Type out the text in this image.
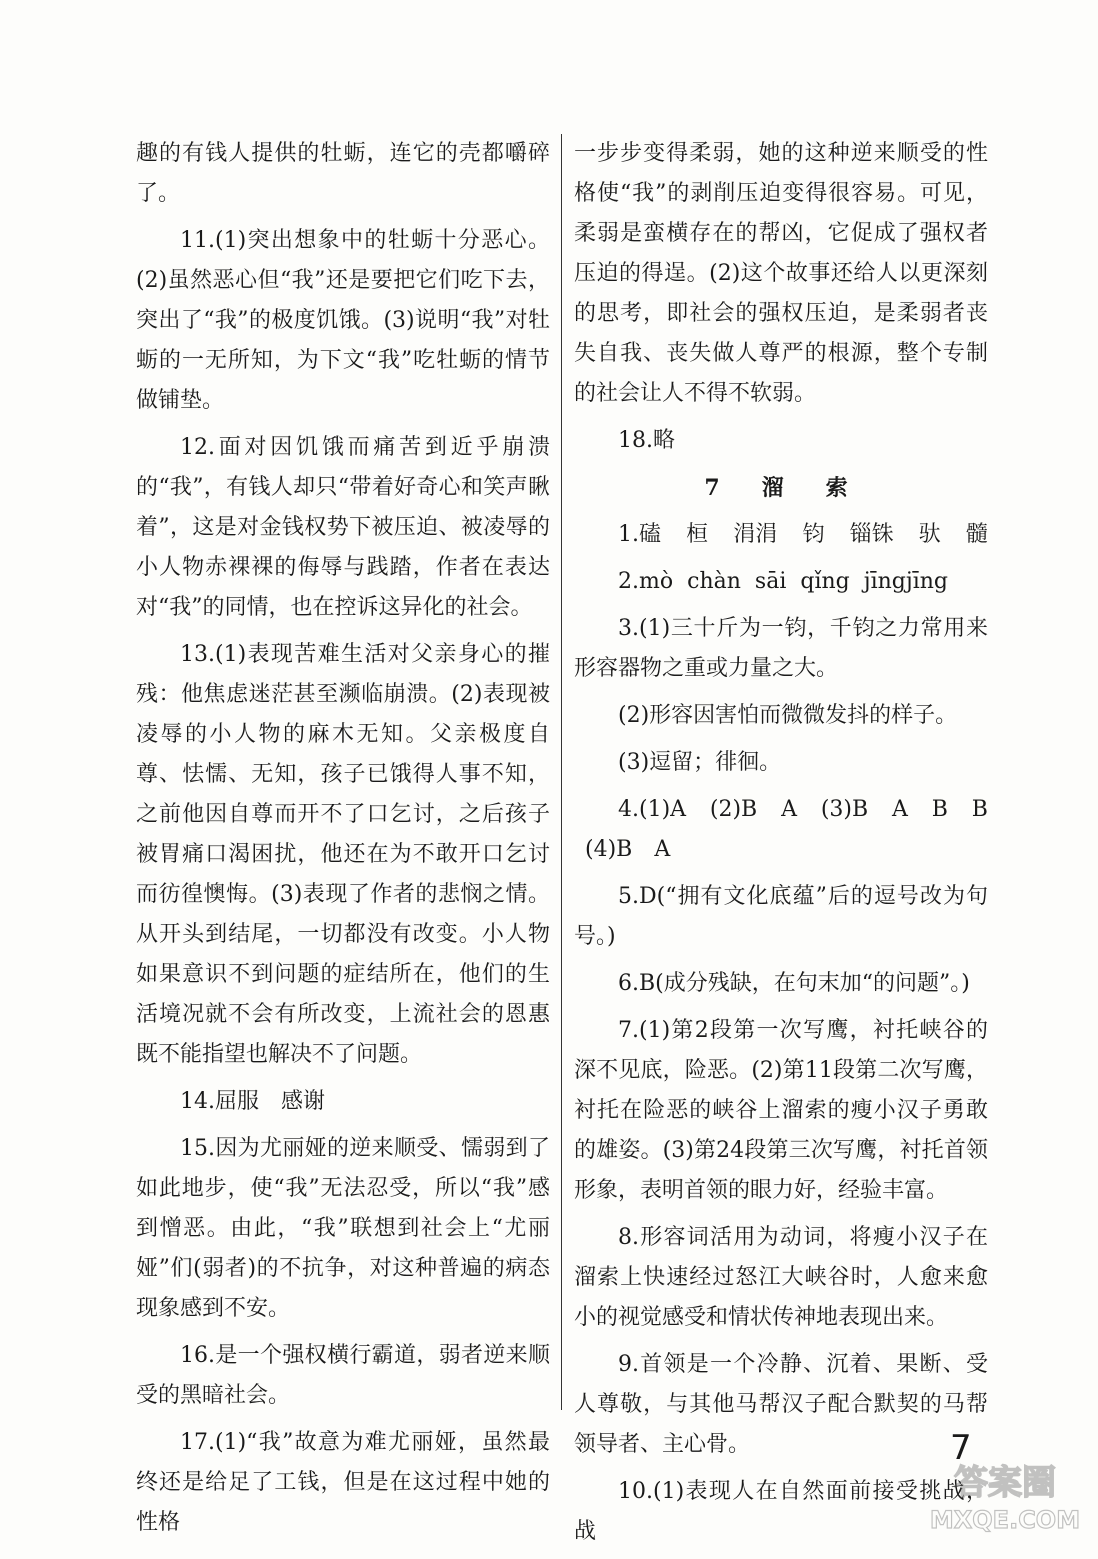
趣的有钱人提供的牡蛎，连它的壳都嚼碎了。

11.(1)突出想象中的牡蛎十分恶心。(2)虽然恶心但“我”还是要把它们吃下去，突出了“我”的极度饥饿。(3)说明“我”对牡蛎的一无所知，为下文“我”吃牡蛎的情节做铺垫。

12.面对因饥饿而痛苦到近乎崩溃的“我”，有钱人却只“带着好奇心和笑声瞅着”，这是对金钱权势下被压迫、被凌辱的小人物赤裸裸的侮辱与践踏，作者在表达对“我”的同情，也在控诉这异化的社会。

13.(1)表现苦难生活对父亲身心的摧残：他焦虑迷茫甚至濒临崩溃。(2)表现被凌辱的小人物的麻木无知。父亲极度自尊、怯懦、无知，孩子已饿得人事不知，之前他因自尊而开不了口乞讨，之后孩子被胃痛口渴困扰，他还在为不敢开口乞讨而彷徨懊悔。(3)表现了作者的悲悯之情。从开头到结尾，一切都没有改变。小人物如果意识不到问题的症结所在，他们的生活境况就不会有所改变，上流社会的恩惠既不能指望也解决不了问题。

14.屈服　感谢

15.因为尤丽娅的逆来顺受、懦弱到了如此地步，使“我”无法忍受，所以“我”感到憎恶。由此，“我”联想到社会上“尤丽娅”们(弱者)的不抗争，对这种普遍的病态现象感到不安。

16.是一个强权横行霸道，弱者逆来顺受的黑暗社会。

17.(1)“我”故意为难尤丽娅，虽然最终还是给足了工钱，但是在这过程中她的性格

一步步变得柔弱，她的这种逆来顺受的性格使“我”的剥削压迫变得很容易。可见，柔弱是蛮横存在的帮凶，它促成了强权者压迫的得逞。(2)这个故事还给人以更深刻的思考，即社会的强权压迫，是柔弱者丧失自我、丧失做人尊严的根源，整个专制的社会让人不得不软弱。

18.略

7　溜　索
1.磕 桓 涓涓 钧 锱铢 驮 髓
2.mò chàn sāi qǐng jīngjīng

3.(1)三十斤为一钧，千钧之力常用来形容器物之重或力量之大。

(2)形容因害怕而微微发抖的样子。

(3)逗留；徘徊。

4.(1)A (2)B A (3)B A B B

(4)B　A

5.D(“拥有文化底蕴”后的逗号改为句号。)

6.B(成分残缺，在句末加“的问题”。)

7.(1)第2段第一次写鹰，衬托峡谷的深不见底，险恶。(2)第11段第二次写鹰，衬托在险恶的峡谷上溜索的瘦小汉子勇敢的雄姿。(3)第24段第三次写鹰，衬托首领形象，表明首领的眼力好，经验丰富。

8.形容词活用为动词，将瘦小汉子在溜索上快速经过怒江大峡谷时，人愈来愈小的视觉感受和情状传神地表现出来。

9.首领是一个冷静、沉着、果断、受人尊敬，与其他马帮汉子配合默契的马帮领导者、主心骨。

10.(1)表现人在自然面前接受挑战，战

7
答案圈
MXQE.COM
